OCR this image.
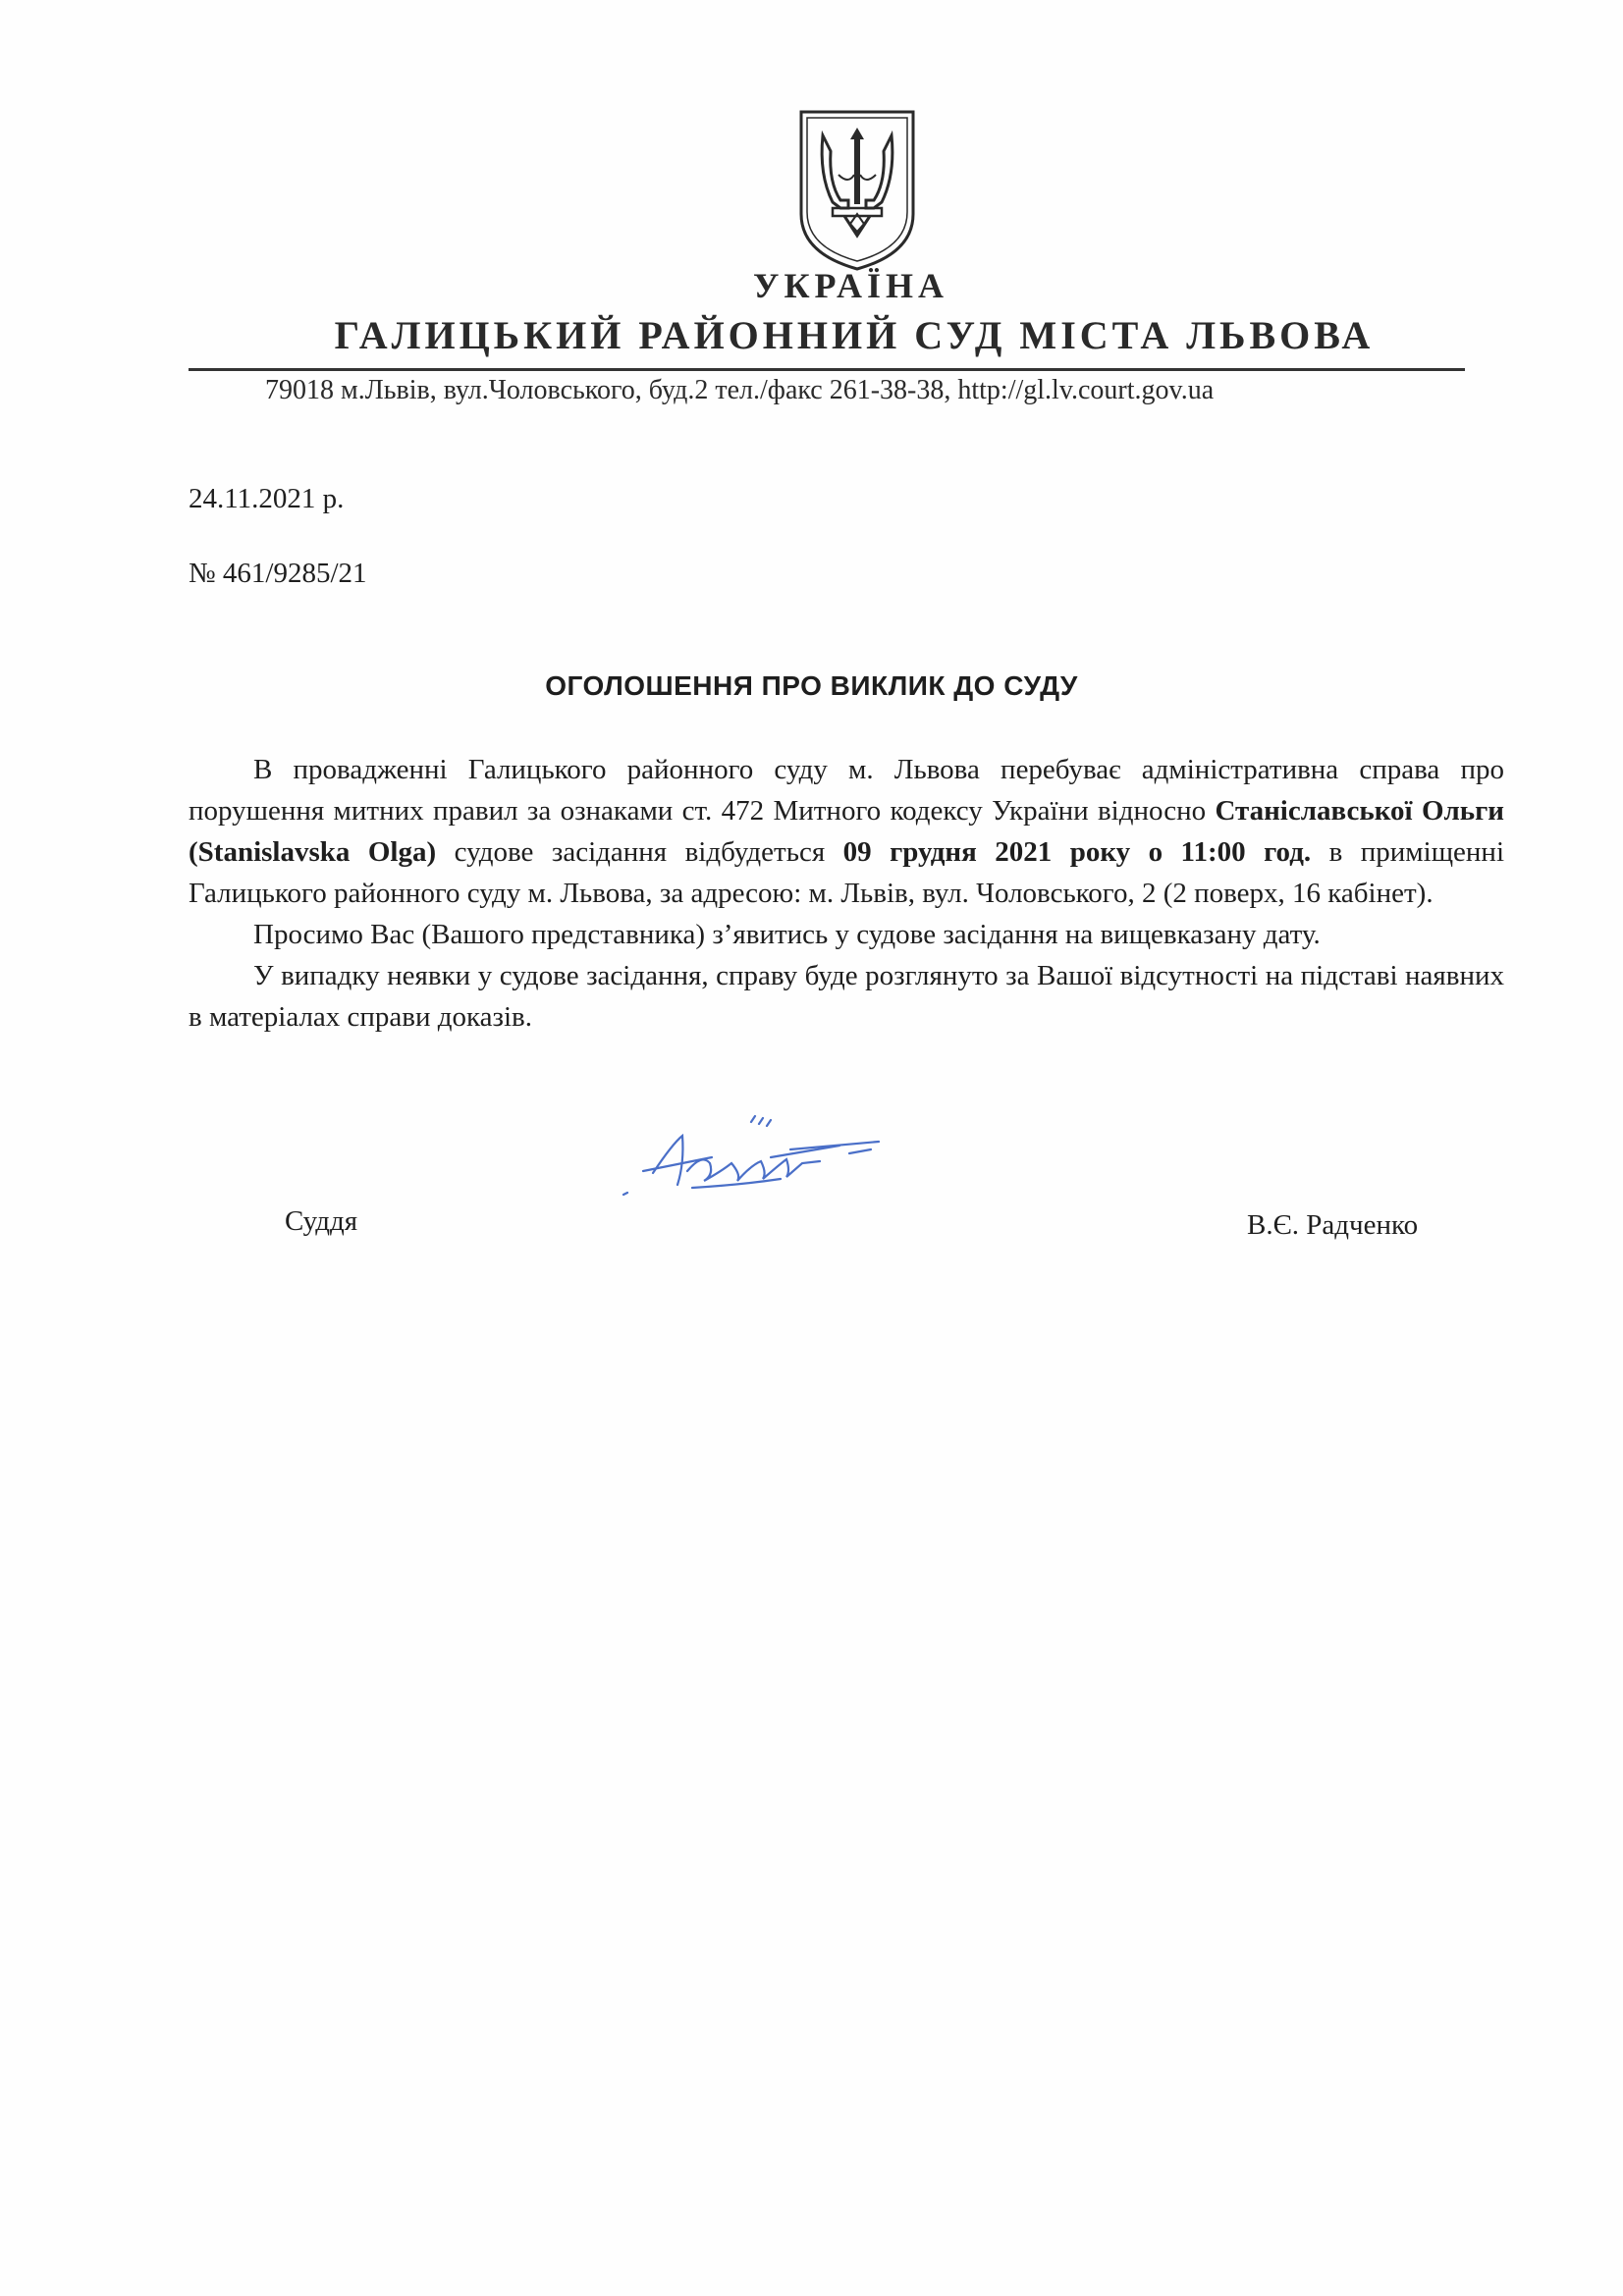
УКРАЇНА
ГАЛИЦЬКИЙ РАЙОННИЙ СУД МІСТА ЛЬВОВА
79018 м.Львів, вул.Чоловського, буд.2 тел./факс 261-38-38, http://gl.lv.court.gov.ua
24.11.2021 р.
№ 461/9285/21
ОГОЛОШЕННЯ ПРО ВИКЛИК ДО СУДУ

В провадженні Галицького районного суду м. Львова перебуває адміністративна справа про порушення митних правил за ознаками ст. 472 Митного кодексу України відносно Станіславської Ольги (Stanislavska Olga) судове засідання відбудеться 09 грудня 2021 року о 11:00 год. в приміщенні Галицького районного суду м. Львова, за адресою: м. Львів, вул. Чоловського, 2 (2 поверх, 16 кабінет).

Просимо Вас (Вашого представника) з’явитись у судове засідання на вищевказану дату.

У випадку неявки у судове засідання, справу буде розглянуто за Вашої відсутності на підставі наявних в матеріалах справи доказів.

Суддя	В.Є. Радченко
